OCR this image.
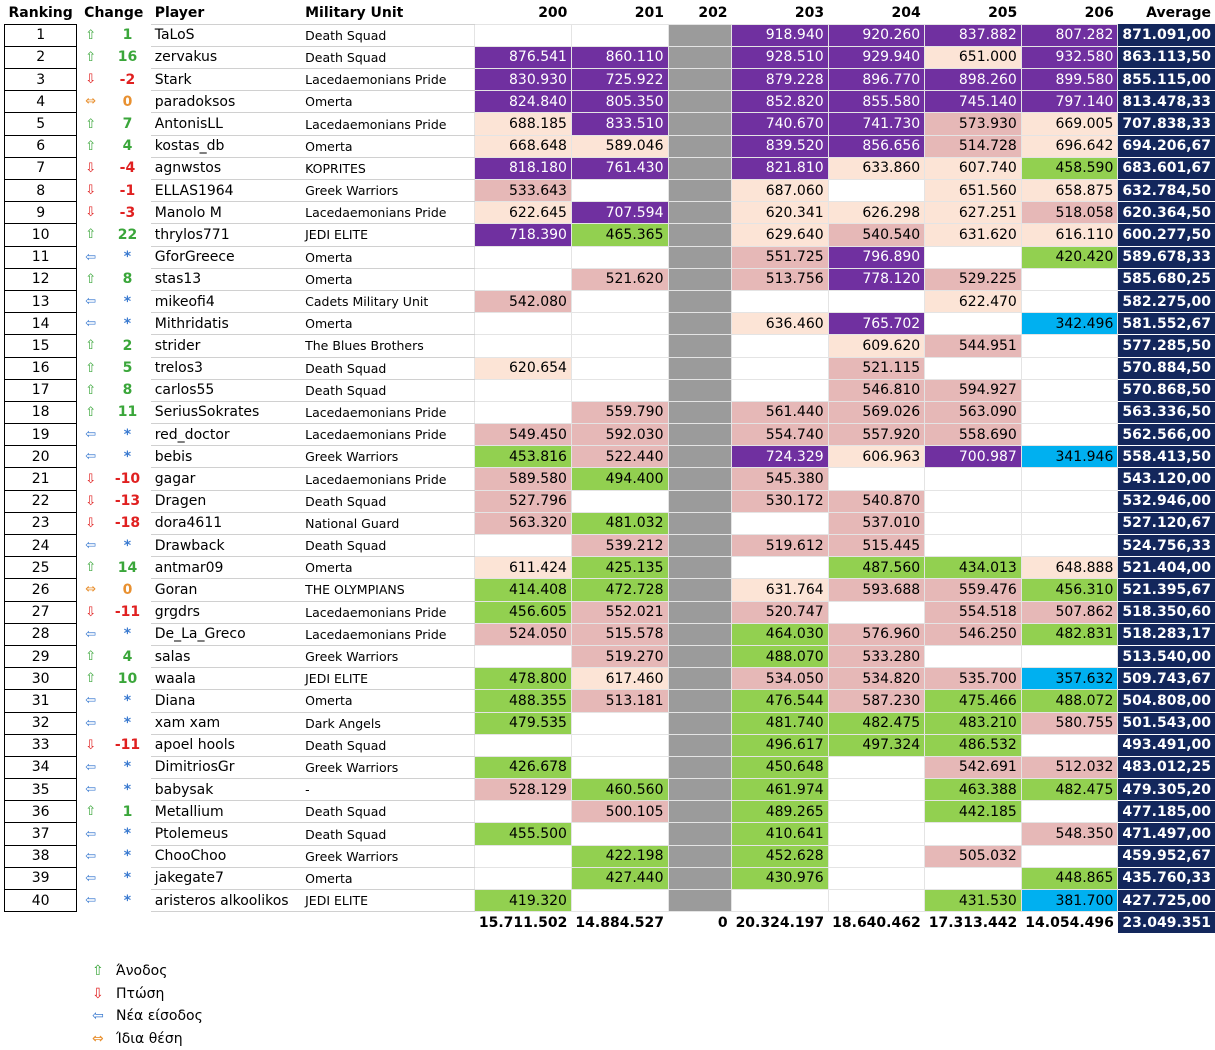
Ranking	Change		Player	Military Unit	200	201	202	203	204	205	206	Average
1	⇧	1	TaLoS	Death Squad				918.940	920.260	837.882	807.282	871.091,00
2	⇧	16	zervakus	Death Squad	876.541	860.110		928.510	929.940	651.000	932.580	863.113,50
3	⇩	-2	Stark	Lacedaemonians Pride	830.930	725.922		879.228	896.770	898.260	899.580	855.115,00
4	⇔	0	paradoksos	Omerta	824.840	805.350		852.820	855.580	745.140	797.140	813.478,33
5	⇧	7	AntonisLL	Lacedaemonians Pride	688.185	833.510		740.670	741.730	573.930	669.005	707.838,33
6	⇧	4	kostas_db	Omerta	668.648	589.046		839.520	856.656	514.728	696.642	694.206,67
7	⇩	-4	agnwstos	KOPRITES	818.180	761.430		821.810	633.860	607.740	458.590	683.601,67
8	⇩	-1	ELLAS1964	Greek Warriors	533.643			687.060		651.560	658.875	632.784,50
9	⇩	-3	Manolo M	Lacedaemonians Pride	622.645	707.594		620.341	626.298	627.251	518.058	620.364,50
10	⇧	22	thrylos771	JEDI ELITE	718.390	465.365		629.640	540.540	631.620	616.110	600.277,50
11	⇦	*	GforGreece	Omerta				551.725	796.890		420.420	589.678,33
12	⇧	8	stas13	Omerta		521.620		513.756	778.120	529.225		585.680,25
13	⇦	*	mikeofi4	Cadets Military Unit	542.080					622.470		582.275,00
14	⇦	*	Mithridatis	Omerta				636.460	765.702		342.496	581.552,67
15	⇧	2	strider	The Blues Brothers					609.620	544.951		577.285,50
16	⇧	5	trelos3	Death Squad	620.654				521.115			570.884,50
17	⇧	8	carlos55	Death Squad					546.810	594.927		570.868,50
18	⇧	11	SeriusSokrates	Lacedaemonians Pride		559.790		561.440	569.026	563.090		563.336,50
19	⇦	*	red_doctor	Lacedaemonians Pride	549.450	592.030		554.740	557.920	558.690		562.566,00
20	⇦	*	bebis	Greek Warriors	453.816	522.440		724.329	606.963	700.987	341.946	558.413,50
21	⇩	-10	gagar	Lacedaemonians Pride	589.580	494.400		545.380				543.120,00
22	⇩	-13	Dragen	Death Squad	527.796			530.172	540.870			532.946,00
23	⇩	-18	dora4611	National Guard	563.320	481.032			537.010			527.120,67
24	⇦	*	Drawback	Death Squad		539.212		519.612	515.445			524.756,33
25	⇧	14	antmar09	Omerta	611.424	425.135			487.560	434.013	648.888	521.404,00
26	⇔	0	Goran	THE OLYMPIANS	414.408	472.728		631.764	593.688	559.476	456.310	521.395,67
27	⇩	-11	grgdrs	Lacedaemonians Pride	456.605	552.021		520.747		554.518	507.862	518.350,60
28	⇦	*	De_La_Greco	Lacedaemonians Pride	524.050	515.578		464.030	576.960	546.250	482.831	518.283,17
29	⇧	4	salas	Greek Warriors		519.270		488.070	533.280			513.540,00
30	⇧	10	waala	JEDI ELITE	478.800	617.460		534.050	534.820	535.700	357.632	509.743,67
31	⇦	*	Diana	Omerta	488.355	513.181		476.544	587.230	475.466	488.072	504.808,00
32	⇦	*	xam xam	Dark Angels	479.535			481.740	482.475	483.210	580.755	501.543,00
33	⇩	-11	apoel hools	Death Squad				496.617	497.324	486.532		493.491,00
34	⇦	*	DimitriosGr	Greek Warriors	426.678			450.648		542.691	512.032	483.012,25
35	⇦	*	babysak	-	528.129	460.560		461.974		463.388	482.475	479.305,20
36	⇧	1	Metallium	Death Squad		500.105		489.265		442.185		477.185,00
37	⇦	*	Ptolemeus	Death Squad	455.500			410.641			548.350	471.497,00
38	⇦	*	ChooChoo	Greek Warriors		422.198		452.628		505.032		459.952,67
39	⇦	*	jakegate7	Omerta		427.440		430.976			448.865	435.760,33
40	⇦	*	aristeros alkoolikos	JEDI ELITE	419.320					431.530	381.700	427.725,00
					15.711.502	14.884.527	0	20.324.197	18.640.462	17.313.442	14.054.496	23.049.351
⇧ Άνοδος
⇩ Πτώση
⇦ Νέα είσοδος
⇔ Ίδια θέση
